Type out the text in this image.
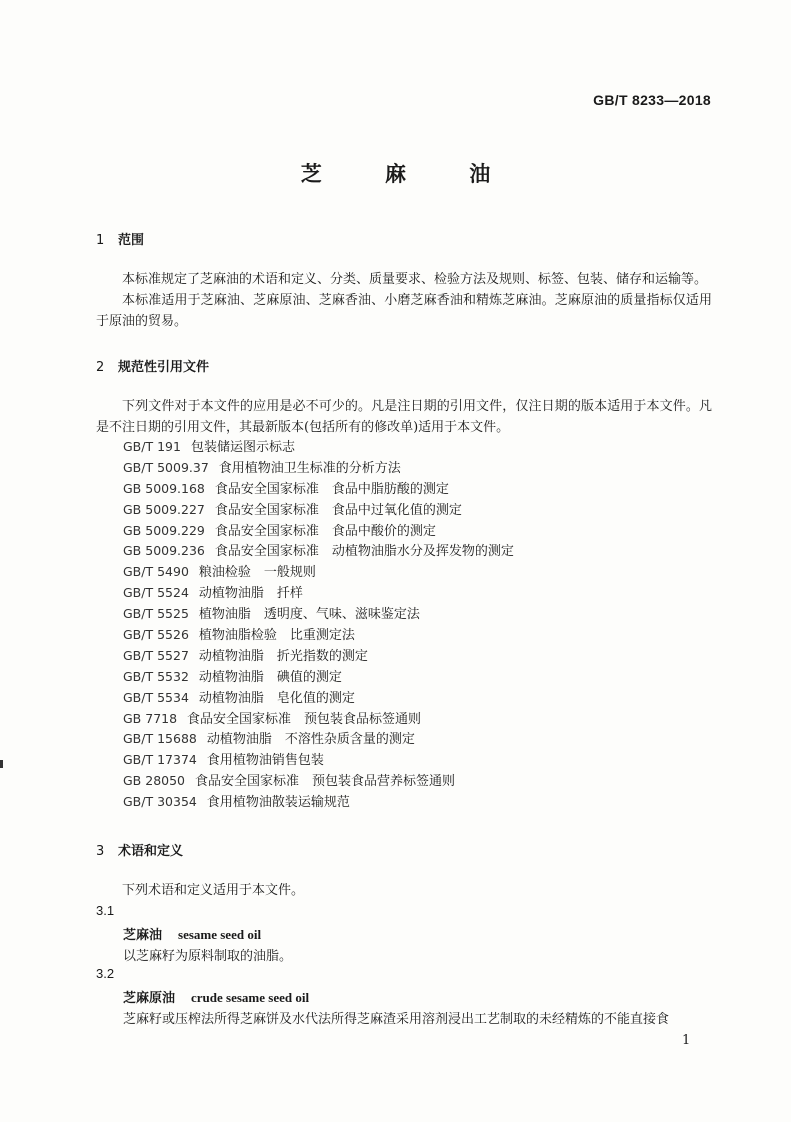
GB/T 8233—2018
芝 麻 油
1 范围

本标准规定了芝麻油的术语和定义、分类、质量要求、检验方法及规则、标签、包装、储存和运输等。

本标准适用于芝麻油、芝麻原油、芝麻香油、小磨芝麻香油和精炼芝麻油。芝麻原油的质量指标仅适用于原油的贸易。

2 规范性引用文件

下列文件对于本文件的应用是必不可少的。凡是注日期的引用文件，仅注日期的版本适用于本文件。凡是不注日期的引用文件，其最新版本(包括所有的修改单)适用于本文件。

GB/T 191 包装储运图示标志
GB/T 5009.37 食用植物油卫生标准的分析方法
GB 5009.168 食品安全国家标准　食品中脂肪酸的测定
GB 5009.227 食品安全国家标准　食品中过氧化值的测定
GB 5009.229 食品安全国家标准　食品中酸价的测定
GB 5009.236 食品安全国家标准　动植物油脂水分及挥发物的测定
GB/T 5490 粮油检验　一般规则
GB/T 5524 动植物油脂　扦样
GB/T 5525 植物油脂　透明度、气味、滋味鉴定法
GB/T 5526 植物油脂检验　比重测定法
GB/T 5527 动植物油脂　折光指数的测定
GB/T 5532 动植物油脂　碘值的测定
GB/T 5534 动植物油脂　皂化值的测定
GB 7718 食品安全国家标准　预包装食品标签通则
GB/T 15688 动植物油脂　不溶性杂质含量的测定
GB/T 17374 食用植物油销售包装
GB 28050 食品安全国家标准　预包装食品营养标签通则
GB/T 30354 食用植物油散装运输规范
3 术语和定义

下列术语和定义适用于本文件。

3.1
芝麻油 sesame seed oil
以芝麻籽为原料制取的油脂。
3.2
芝麻原油 crude sesame seed oil
芝麻籽或压榨法所得芝麻饼及水代法所得芝麻渣采用溶剂浸出工艺制取的未经精炼的不能直接食
1
